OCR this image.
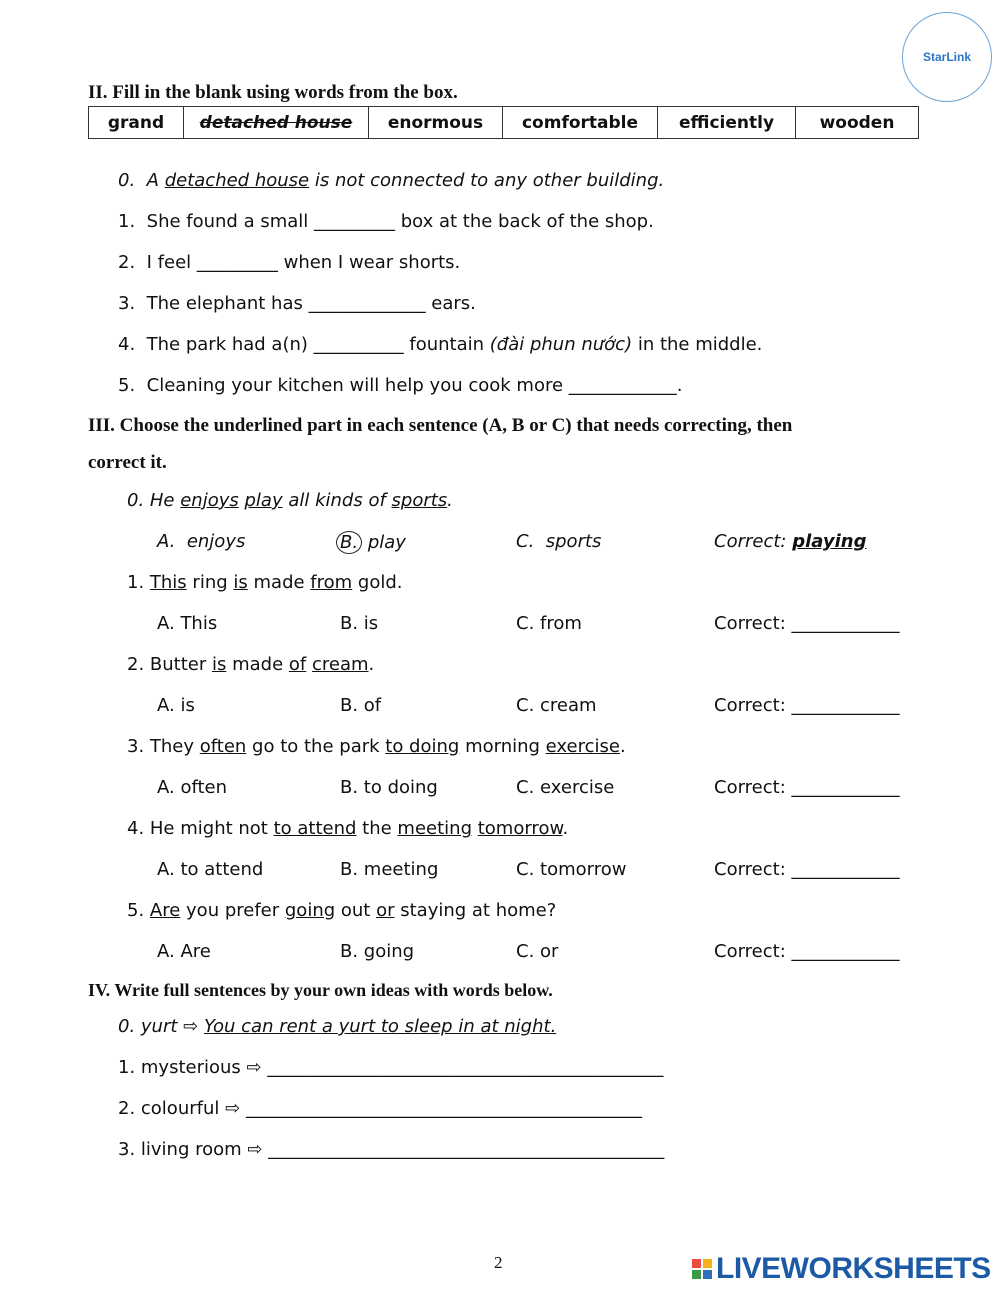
StarLink
II. Fill in the blank using words from the box.
grand	detached house	enormous	comfortable	efficiently	wooden
0. A detached house is not connected to any other building.
1. She found a small _________ box at the back of the shop.
2. I feel _________ when I wear shorts.
3. The elephant has _____________ ears.
4. The park had a(n) __________ fountain (đài phun nước) in the middle.
5. Cleaning your kitchen will help you cook more ____________.
III. Choose the underlined part in each sentence (A, B or C) that needs correcting, then
correct it.
0. He enjoys play all kinds of sports.
A. enjoys	B. play	C. sports	Correct: playing
1. This ring is made from gold.
A. This	B. is	C. from	Correct: ____________
2. Butter is made of cream.
A. is	B. of	C. cream	Correct: ____________
3. They often go to the park to doing morning exercise.
A. often	B. to doing	C. exercise	Correct: ____________
4. He might not to attend the meeting tomorrow.
A. to attend	B. meeting	C. tomorrow	Correct: ____________
5. Are you prefer going out or staying at home?
A. Are	B. going	C. or	Correct: ____________
IV. Write full sentences by your own ideas with words below.
0. yurt ⇨ You can rent a yurt to sleep in at night.
1. mysterious ⇨ ____________________________________________
2. colourful ⇨ ____________________________________________
3. living room ⇨ ____________________________________________
2	LIVEWORKSHEETS
